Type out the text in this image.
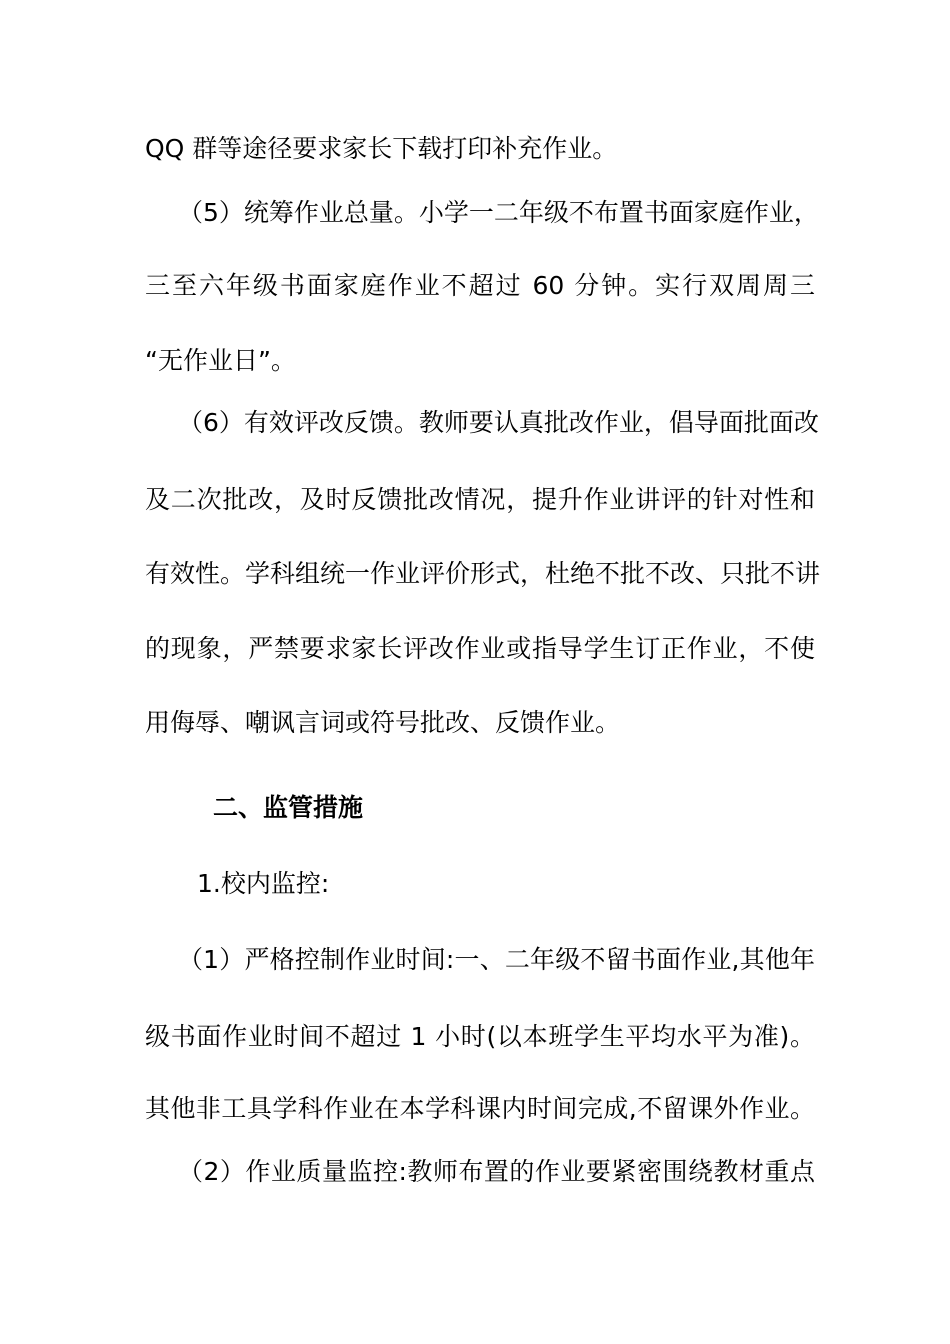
QQ 群等途径要求家长下载打印补充作业。
（5）统筹作业总量。小学一二年级不布置书面家庭作业，
三至六年级书面家庭作业不超过 60 分钟。实行双周周三
“无作业日”。
（6）有效评改反馈。教师要认真批改作业，倡导面批面改
及二次批改，及时反馈批改情况，提升作业讲评的针对性和
有效性。学科组统一作业评价形式，杜绝不批不改、只批不讲
的现象，严禁要求家长评改作业或指导学生订正作业，不使
用侮辱、嘲讽言词或符号批改、反馈作业。
二、监管措施
1.校内监控:
（1）严格控制作业时间:一、二年级不留书面作业,其他年
级书面作业时间不超过 1 小时(以本班学生平均水平为准)。
其他非工具学科作业在本学科课内时间完成,不留课外作业。
（2）作业质量监控:教师布置的作业要紧密围绕教材重点
